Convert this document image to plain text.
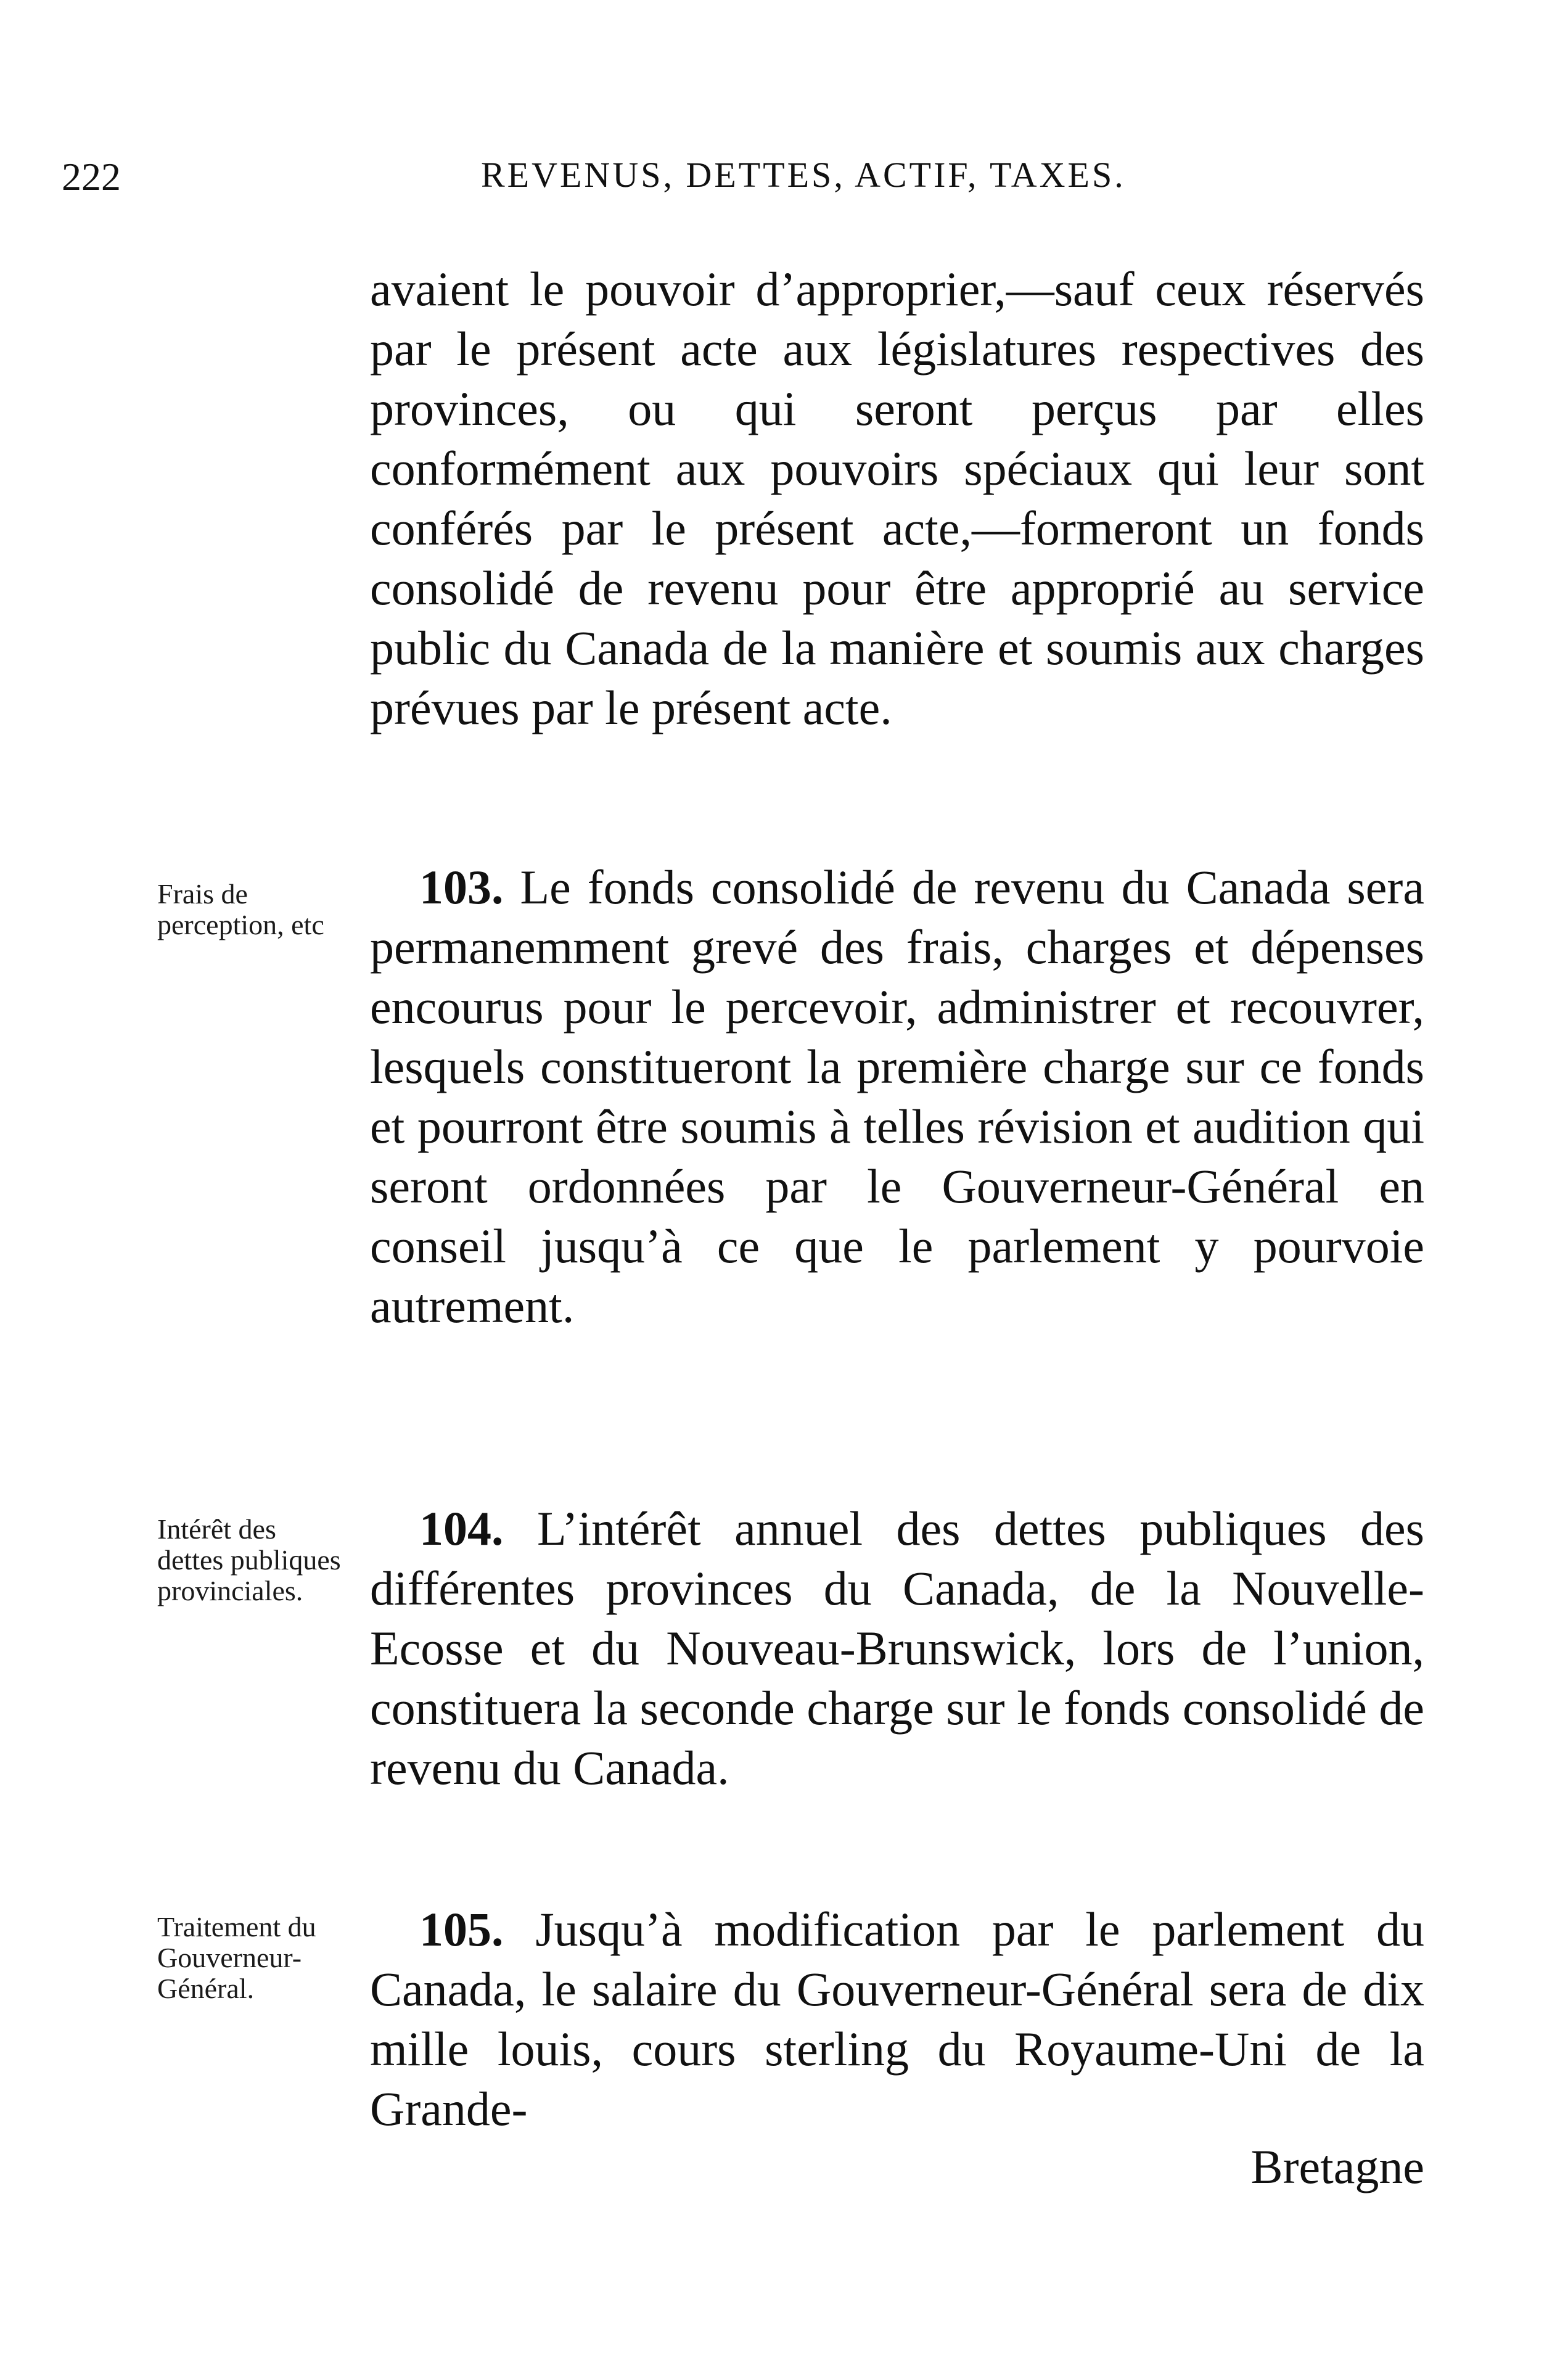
222	REVENUS, DETTES, ACTIF, TAXES.
avaient le pouvoir d’approprier,—sauf ceux réservés par le présent acte aux législatures respectives des provinces, ou qui seront perçus par elles conformément aux pouvoirs spéciaux qui leur sont conférés par le présent acte,—formeront un fonds consolidé de revenu pour être approprié au service public du Canada de la manière et soumis aux charges prévues par le présent acte.
Frais de perception, etc
103. Le fonds consolidé de revenu du Canada sera permanemment grevé des frais, charges et dépenses encourus pour le percevoir, administrer et recouvrer, lesquels constitueront la première charge sur ce fonds et pourront être soumis à telles révision et audition qui seront ordonnées par le Gouverneur-Général en conseil jusqu’à ce que le parlement y pourvoie autrement.
Intérêt des dettes publiques provinciales.
104. L’intérêt annuel des dettes publiques des différentes provinces du Canada, de la Nouvelle-Ecosse et du Nouveau-Brunswick, lors de l’union, constituera la seconde charge sur le fonds consolidé de revenu du Canada.
Traitement du Gouverneur-Général.
105. Jusqu’à modification par le parlement du Canada, le salaire du Gouverneur-Général sera de dix mille louis, cours sterling du Royaume-Uni de la Grande-
Bretagne
